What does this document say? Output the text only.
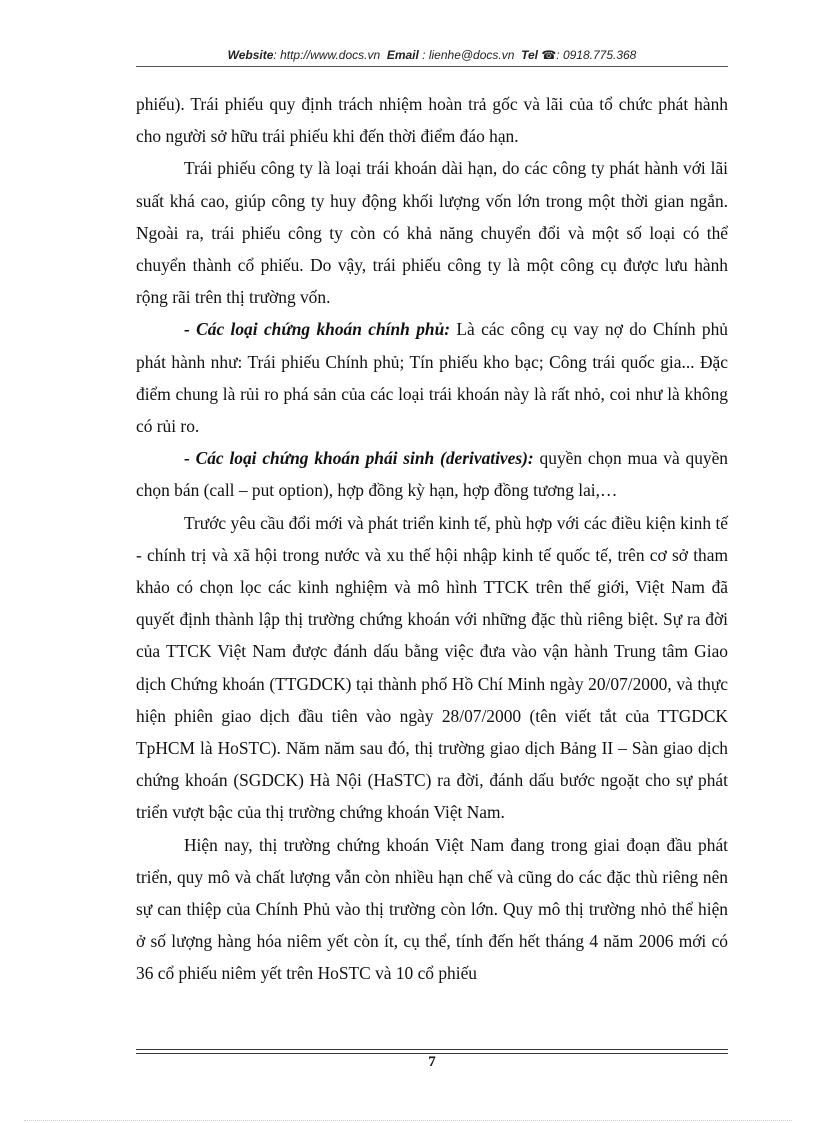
Website: http://www.docs.vn Email : lienhe@docs.vn Tel ☎: 0918.775.368

phiếu). Trái phiếu quy định trách nhiệm hoàn trả gốc và lãi của tổ chức phát hành cho người sở hữu trái phiếu khi đến thời điểm đáo hạn.

Trái phiếu công ty là loại trái khoán dài hạn, do các công ty phát hành với lãi suất khá cao, giúp công ty huy động khối lượng vốn lớn trong một thời gian ngắn. Ngoài ra, trái phiếu công ty còn có khả năng chuyển đổi và một số loại có thể chuyển thành cổ phiếu. Do vậy, trái phiếu công ty là một công cụ được lưu hành rộng rãi trên thị trường vốn.

- Các loại chứng khoán chính phủ: Là các công cụ vay nợ do Chính phủ phát hành như: Trái phiếu Chính phủ; Tín phiếu kho bạc; Công trái quốc gia... Đặc điểm chung là rủi ro phá sản của các loại trái khoán này là rất nhỏ, coi như là không có rủi ro.

- Các loại chứng khoán phái sinh (derivatives): quyền chọn mua và quyền chọn bán (call – put option), hợp đồng kỳ hạn, hợp đồng tương lai,…

Trước yêu cầu đổi mới và phát triển kinh tế, phù hợp với các điều kiện kinh tế - chính trị và xã hội trong nước và xu thế hội nhập kinh tế quốc tế, trên cơ sở tham khảo có chọn lọc các kinh nghiệm và mô hình TTCK trên thế giới, Việt Nam đã quyết định thành lập thị trường chứng khoán với những đặc thù riêng biệt. Sự ra đời của TTCK Việt Nam được đánh dấu bằng việc đưa vào vận hành Trung tâm Giao dịch Chứng khoán (TTGDCK) tại thành phố Hồ Chí Minh ngày 20/07/2000, và thực hiện phiên giao dịch đầu tiên vào ngày 28/07/2000 (tên viết tắt của TTGDCK TpHCM là HoSTC). Năm năm sau đó, thị trường giao dịch Bảng II – Sàn giao dịch chứng khoán (SGDCK) Hà Nội (HaSTC) ra đời, đánh dấu bước ngoặt cho sự phát triển vượt bậc của thị trường chứng khoán Việt Nam.

Hiện nay, thị trường chứng khoán Việt Nam đang trong giai đoạn đầu phát triển, quy mô và chất lượng vẫn còn nhiều hạn chế và cũng do các đặc thù riêng nên sự can thiệp của Chính Phủ vào thị trường còn lớn. Quy mô thị trường nhỏ thể hiện ở số lượng hàng hóa niêm yết còn ít, cụ thể, tính đến hết tháng 4 năm 2006 mới có 36 cổ phiếu niêm yết trên HoSTC và 10 cổ phiếu

7
